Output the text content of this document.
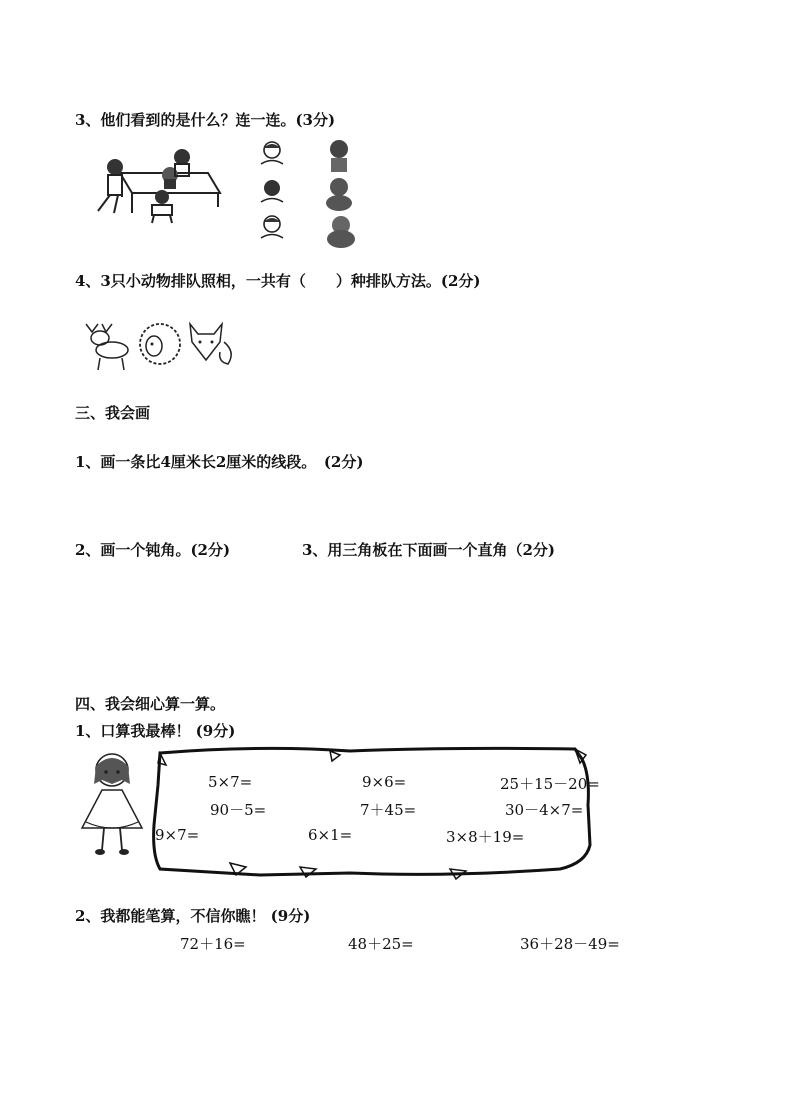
3、他们看到的是什么？连一连。(3分)
4、3只小动物排队照相，一共有（　　）种排队方法。(2分)
三、我会画
1、画一条比4厘米长2厘米的线段。　(2分)
2、画一个钝角。(2分)	3、用三角板在下面画一个直角（2分)
四、我会细心算一算。
1、口算我最棒！ (9分)
5×7=	9×6=	25＋15－20=
90－5=	7＋45=	30－4×7=
9×7=	6×1=	3×8＋19=
2、我都能笔算，不信你瞧！ (9分)
72＋16=	48＋25=	36＋28－49=
